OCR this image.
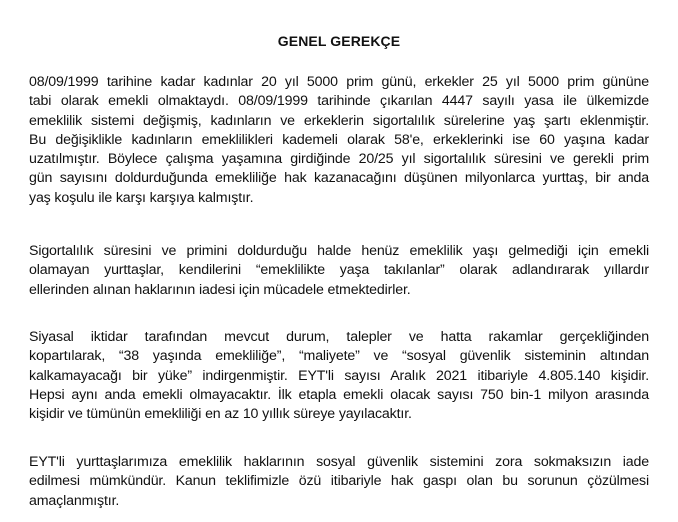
GENEL GEREKÇE

08/09/1999 tarihine kadar kadınlar 20 yıl 5000 prim günü, erkekler 25 yıl 5000 prim gününe
tabi olarak emekli olmaktaydı. 08/09/1999 tarihinde çıkarılan 4447 sayılı yasa ile ülkemizde
emeklilik sistemi değişmiş, kadınların ve erkeklerin sigortalılık sürelerine yaş şartı eklenmiştir.
Bu değişiklikle kadınların emeklilikleri kademeli olarak 58'e, erkeklerinki ise 60 yaşına kadar
uzatılmıştır. Böylece çalışma yaşamına girdiğinde 20/25 yıl sigortalılık süresini ve gerekli prim
gün sayısını doldurduğunda emekliliğe hak kazanacağını düşünen milyonlarca yurttaş, bir anda
yaş koşulu ile karşı karşıya kalmıştır.

Sigortalılık süresini ve primini doldurduğu halde henüz emeklilik yaşı gelmediği için emekli
olamayan yurttaşlar, kendilerini “emeklilikte yaşa takılanlar” olarak adlandırarak yıllardır
ellerinden alınan haklarının iadesi için mücadele etmektedirler.

Siyasal iktidar tarafından mevcut durum, talepler ve hatta rakamlar gerçekliğinden
kopartılarak, “38 yaşında emekliliğe”, “maliyete” ve “sosyal güvenlik sisteminin altından
kalkamayacağı bir yüke” indirgenmiştir. EYT'li sayısı Aralık 2021 itibariyle 4.805.140 kişidir.
Hepsi aynı anda emekli olmayacaktır. İlk etapla emekli olacak sayısı 750 bin-1 milyon arasında
kişidir ve tümünün emekliliği en az 10 yıllık süreye yayılacaktır.

EYT'li yurttaşlarımıza emeklilik haklarının sosyal güvenlik sistemini zora sokmaksızın iade
edilmesi mümkündür. Kanun teklifimizle özü itibariyle hak gaspı olan bu sorunun çözülmesi
amaçlanmıştır.
